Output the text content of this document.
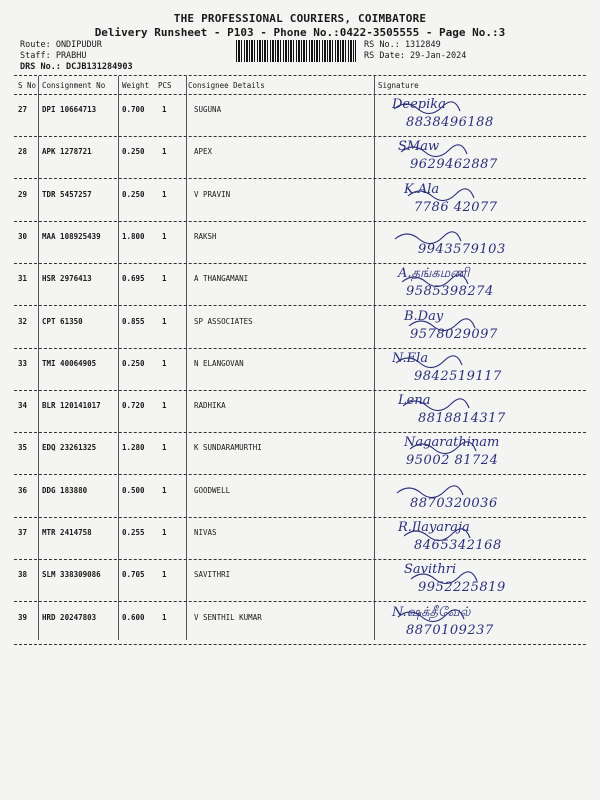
THE PROFESSIONAL COURIERS, COIMBATORE
Delivery Runsheet - P103 - Phone No.:0422-3505555 - Page No.:3
Route: ONDIPUDUR
Staff: PRABHU
DRS No.: DCJB131284903
RS No.: 1312849
RS Date: 29-Jan-2024
S No Consignment No Weight PCS Consignee Details	Signature
27 DPI 10664713	0.700 1	SUGUNA	Deepika
8838496188
28 APK 1278721	0.250 1	APEX	SMaw
9629462887
29 TDR 5457257	0.250 1	V PRAVIN	K.Ala
7786 42077
30 MAA 108925439	1.800 1	RAKSH
9943579103
31 HSR 2976413	0.695 1	A THANGAMANI	A.தங்கமணி
9585398274
32 CPT 61350	0.855 1	SP ASSOCIATES	B.Day
9578029097
33 TMI 40064905	0.250 1	N ELANGOVAN	N.Ela
9842519117
34 BLR 120141017	0.720 1	RADHIKA	Lena
8818814317
35 EDQ 23261325	1.280 1	K SUNDARAMURTHI	Nagarathinam
95002 81724
36 DDG 183880	0.500 1	GOODWELL
8870320036
37 MTR 2414758	0.255 1	NIVAS	R.Ilayaraja
8465342168
38 SLM 338309086	0.705 1	SAVITHRI	Savithri
9952225819
39 HRD 20247803	0.600 1	V SENTHIL KUMAR	N.ஷக்தீவேல்
8870109237
